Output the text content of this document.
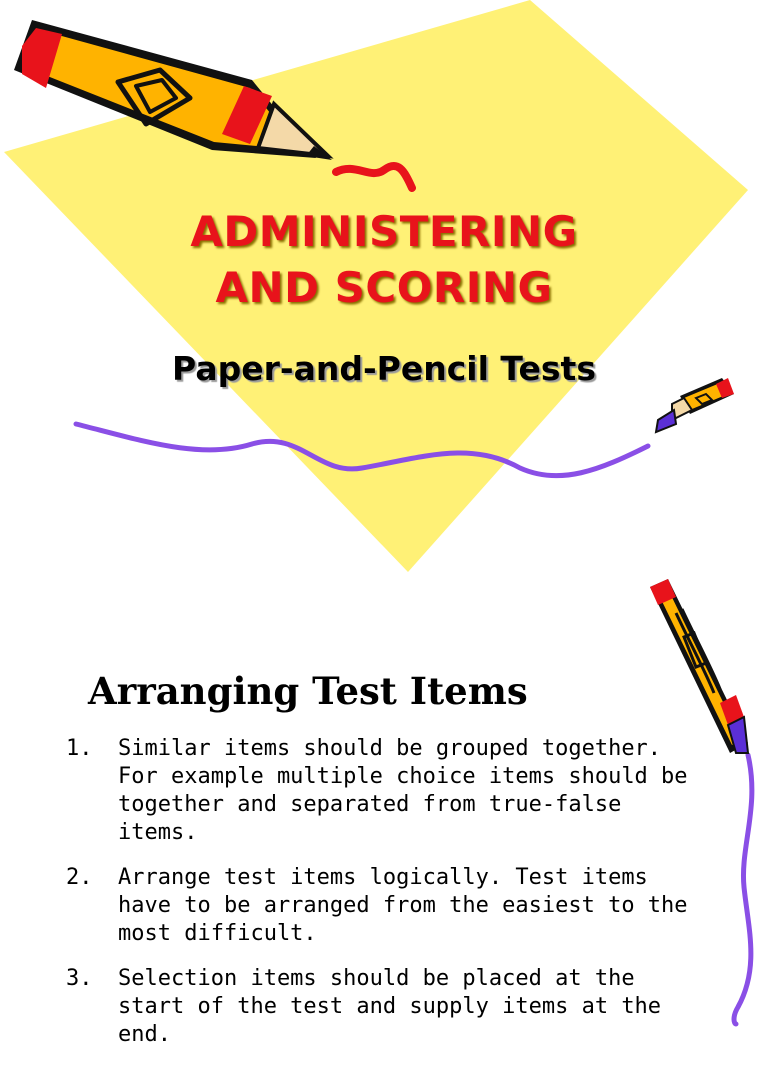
ADMINISTERING
AND SCORING
Paper-and-Pencil Tests
Arranging Test Items
1.	Similar items should be grouped together. For example multiple choice items should be together and separated from true-false items.
2.	Arrange test items logically. Test items have to be arranged from the easiest to the most difficult.
3.	Selection items should be placed at the start of the test and supply items at the end.
